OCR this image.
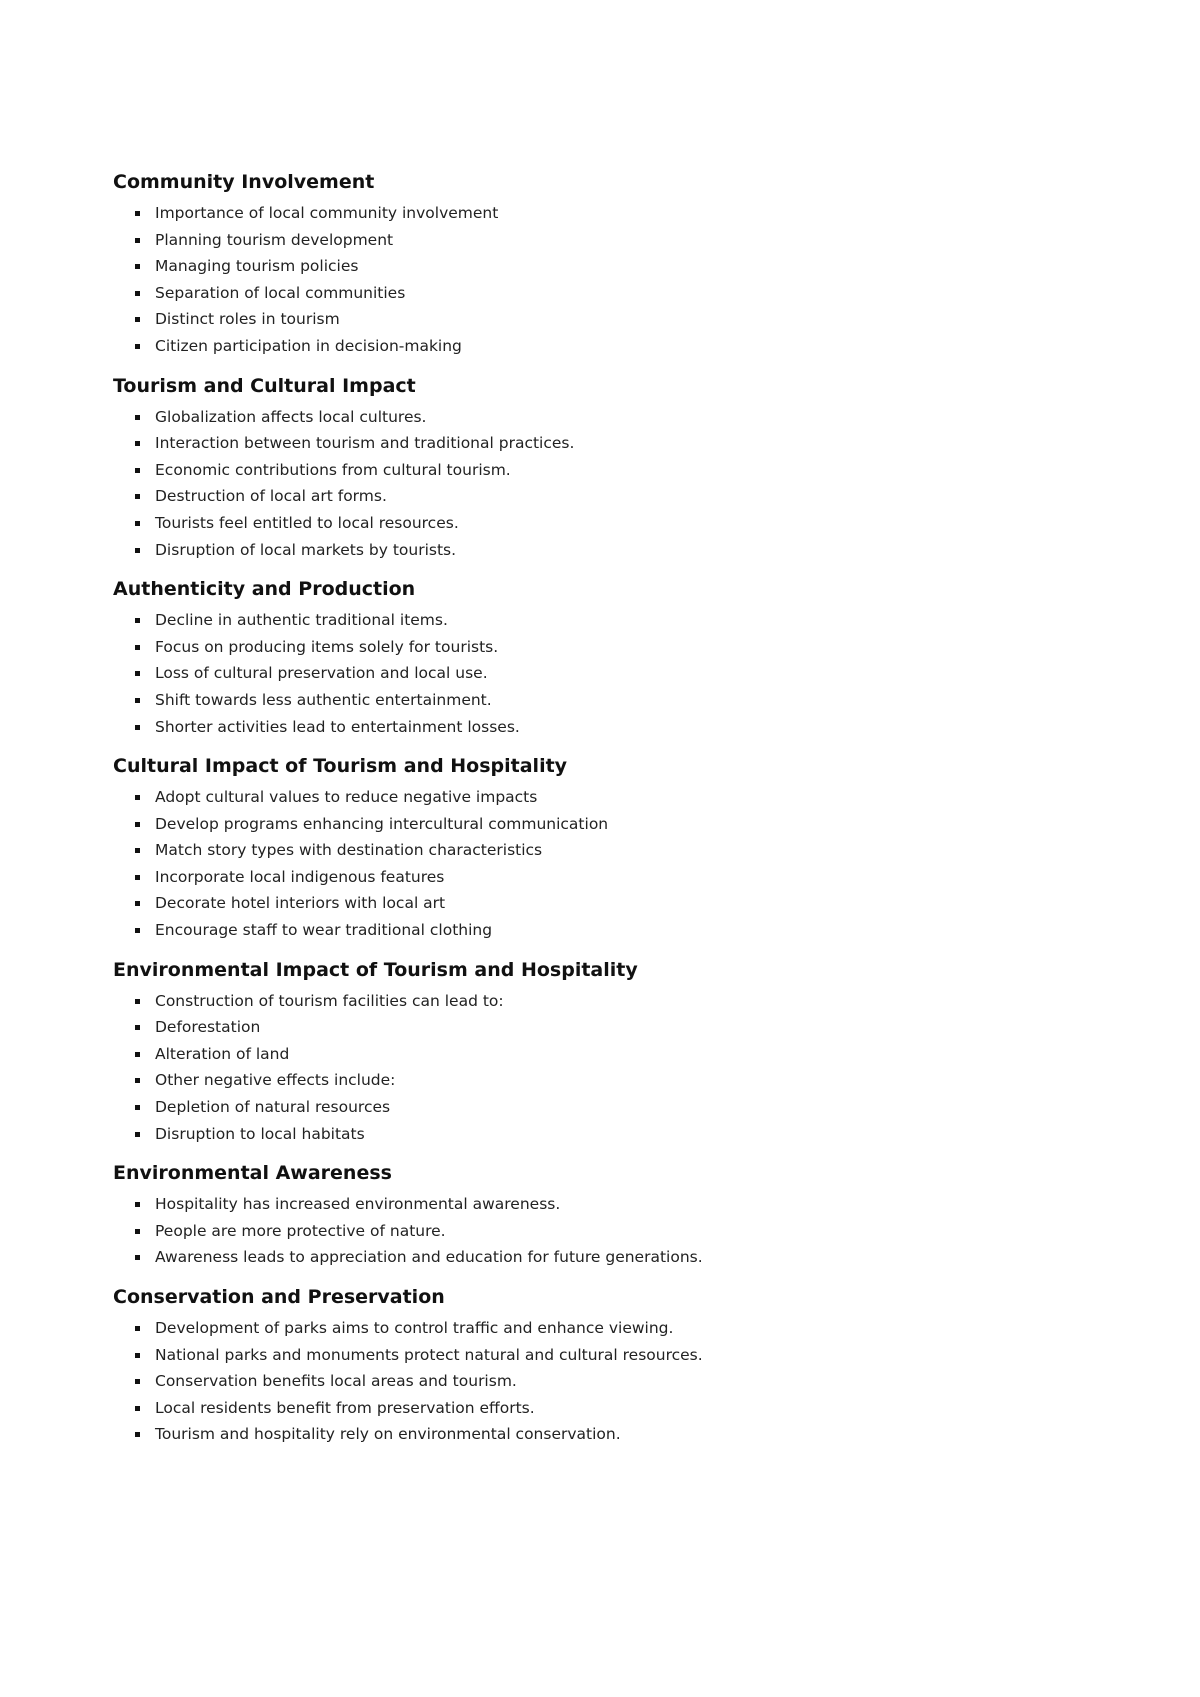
Community Involvement
Importance of local community involvement
Planning tourism development
Managing tourism policies
Separation of local communities
Distinct roles in tourism
Citizen participation in decision-making
Tourism and Cultural Impact
Globalization affects local cultures.
Interaction between tourism and traditional practices.
Economic contributions from cultural tourism.
Destruction of local art forms.
Tourists feel entitled to local resources.
Disruption of local markets by tourists.
Authenticity and Production
Decline in authentic traditional items.
Focus on producing items solely for tourists.
Loss of cultural preservation and local use.
Shift towards less authentic entertainment.
Shorter activities lead to entertainment losses.
Cultural Impact of Tourism and Hospitality
Adopt cultural values to reduce negative impacts
Develop programs enhancing intercultural communication
Match story types with destination characteristics
Incorporate local indigenous features
Decorate hotel interiors with local art
Encourage staff to wear traditional clothing
Environmental Impact of Tourism and Hospitality
Construction of tourism facilities can lead to:
Deforestation
Alteration of land
Other negative effects include:
Depletion of natural resources
Disruption to local habitats
Environmental Awareness
Hospitality has increased environmental awareness.
People are more protective of nature.
Awareness leads to appreciation and education for future generations.
Conservation and Preservation
Development of parks aims to control traffic and enhance viewing.
National parks and monuments protect natural and cultural resources.
Conservation benefits local areas and tourism.
Local residents benefit from preservation efforts.
Tourism and hospitality rely on environmental conservation.
